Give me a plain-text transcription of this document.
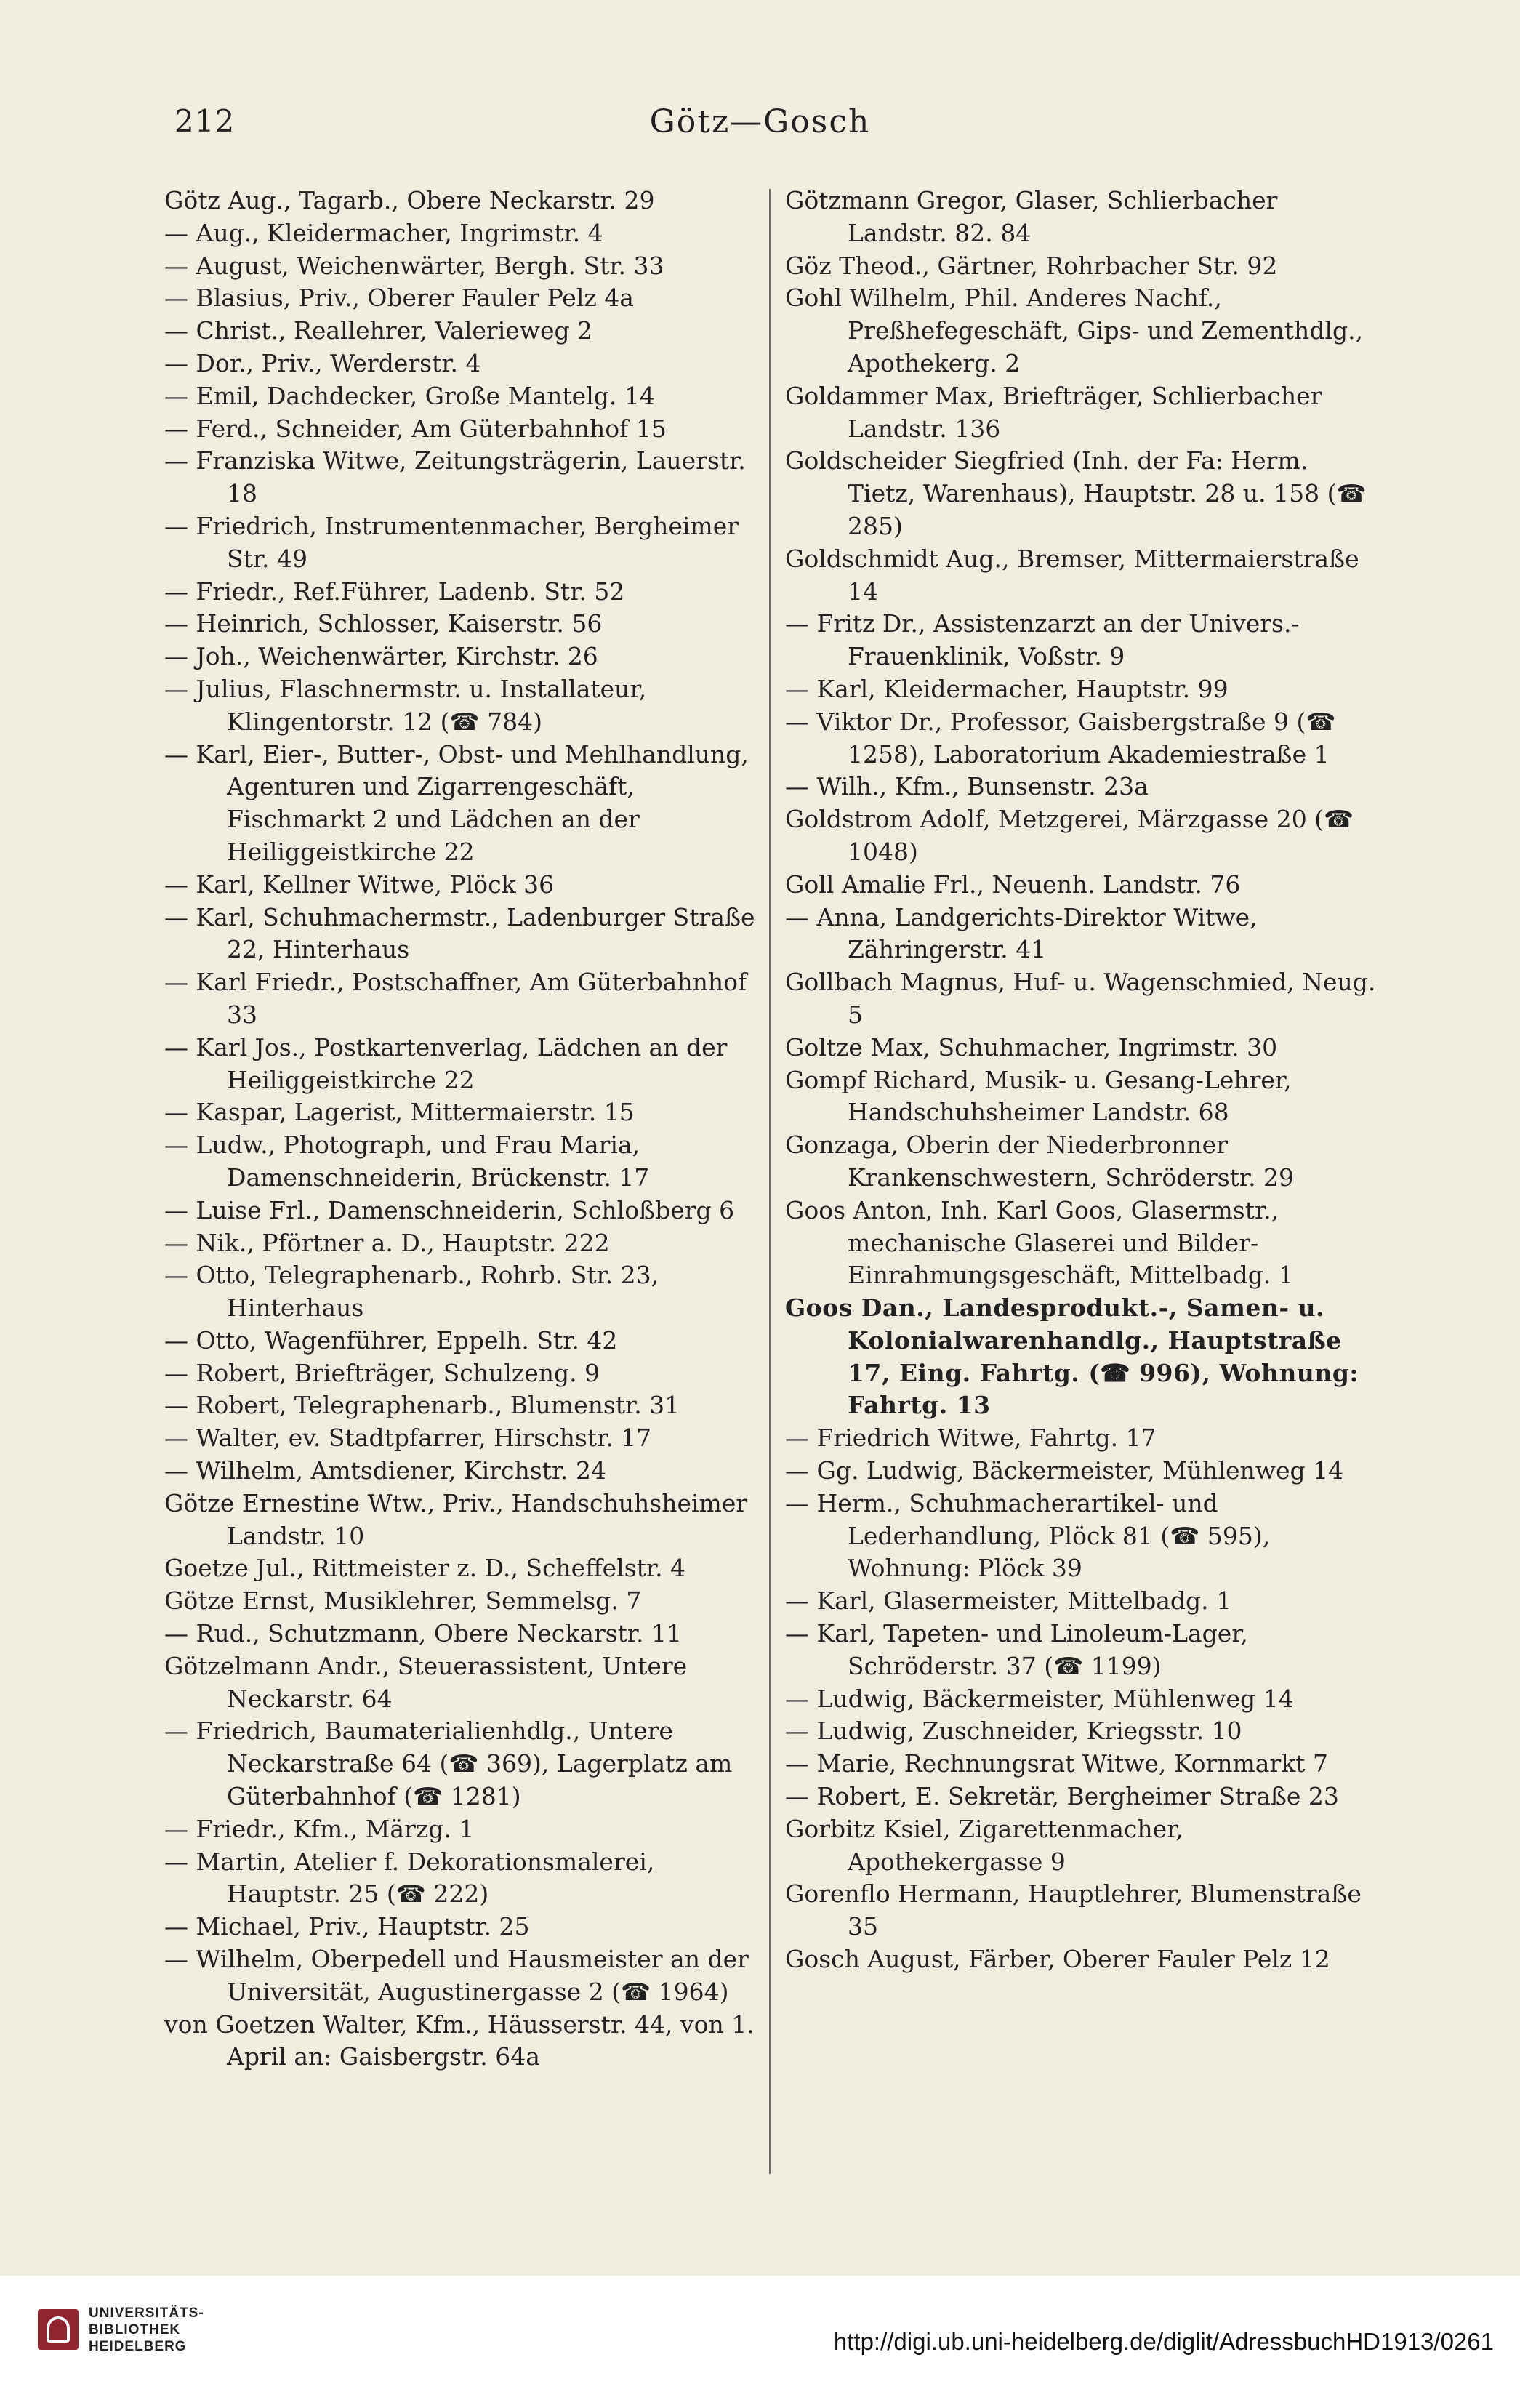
212	Götz—Gosch
Götz Aug., Tagarb., Obere Neckarstr. 29
— Aug., Kleidermacher, Ingrimstr. 4
— August, Weichenwärter, Bergh. Str. 33
— Blasius, Priv., Oberer Fauler Pelz 4a
— Christ., Reallehrer, Valerieweg 2
— Dor., Priv., Werderstr. 4
— Emil, Dachdecker, Große Mantelg. 14
— Ferd., Schneider, Am Güterbahnhof 15
— Franziska Witwe, Zeitungsträgerin, Lauerstr. 18
— Friedrich, Instrumentenmacher, Bergheimer Str. 49
— Friedr., Ref.Führer, Ladenb. Str. 52
— Heinrich, Schlosser, Kaiserstr. 56
— Joh., Weichenwärter, Kirchstr. 26
— Julius, Flaschnermstr. u. Installateur, Klingentorstr. 12 (☎ 784)
— Karl, Eier-, Butter-, Obst- und Mehlhandlung, Agenturen und Zigarrengeschäft, Fischmarkt 2 und Lädchen an der Heiliggeistkirche 22
— Karl, Kellner Witwe, Plöck 36
— Karl, Schuhmachermstr., Ladenburger Straße 22, Hinterhaus
— Karl Friedr., Postschaffner, Am Güterbahnhof 33
— Karl Jos., Postkartenverlag, Lädchen an der Heiliggeistkirche 22
— Kaspar, Lagerist, Mittermaierstr. 15
— Ludw., Photograph, und Frau Maria, Damenschneiderin, Brückenstr. 17
— Luise Frl., Damenschneiderin, Schloßberg 6
— Nik., Pförtner a. D., Hauptstr. 222
— Otto, Telegraphenarb., Rohrb. Str. 23, Hinterhaus
— Otto, Wagenführer, Eppelh. Str. 42
— Robert, Briefträger, Schulzeng. 9
— Robert, Telegraphenarb., Blumenstr. 31
— Walter, ev. Stadtpfarrer, Hirschstr. 17
— Wilhelm, Amtsdiener, Kirchstr. 24
Götze Ernestine Wtw., Priv., Handschuhsheimer Landstr. 10
Goetze Jul., Rittmeister z. D., Scheffelstr. 4
Götze Ernst, Musiklehrer, Semmelsg. 7
— Rud., Schutzmann, Obere Neckarstr. 11
Götzelmann Andr., Steuerassistent, Untere Neckarstr. 64
— Friedrich, Baumaterialienhdlg., Untere Neckarstraße 64 (☎ 369), Lagerplatz am Güterbahnhof (☎ 1281)
— Friedr., Kfm., Märzg. 1
— Martin, Atelier f. Dekorationsmalerei, Hauptstr. 25 (☎ 222)
— Michael, Priv., Hauptstr. 25
— Wilhelm, Oberpedell und Hausmeister an der Universität, Augustinergasse 2 (☎ 1964)
von Goetzen Walter, Kfm., Häusserstr. 44, von 1. April an: Gaisbergstr. 64a
Götzmann Gregor, Glaser, Schlierbacher Landstr. 82. 84
Göz Theod., Gärtner, Rohrbacher Str. 92
Gohl Wilhelm, Phil. Anderes Nachf., Preßhefegeschäft, Gips- und Zementhdlg., Apothekerg. 2
Goldammer Max, Briefträger, Schlierbacher Landstr. 136
Goldscheider Siegfried (Inh. der Fa: Herm. Tietz, Warenhaus), Hauptstr. 28 u. 158 (☎ 285)
Goldschmidt Aug., Bremser, Mittermaierstraße 14
— Fritz Dr., Assistenzarzt an der Univers.-Frauenklinik, Voßstr. 9
— Karl, Kleidermacher, Hauptstr. 99
— Viktor Dr., Professor, Gaisbergstraße 9 (☎ 1258), Laboratorium Akademiestraße 1
— Wilh., Kfm., Bunsenstr. 23a
Goldstrom Adolf, Metzgerei, Märzgasse 20 (☎ 1048)
Goll Amalie Frl., Neuenh. Landstr. 76
— Anna, Landgerichts-Direktor Witwe, Zähringerstr. 41
Gollbach Magnus, Huf- u. Wagenschmied, Neug. 5
Goltze Max, Schuhmacher, Ingrimstr. 30
Gompf Richard, Musik- u. Gesang-Lehrer, Handschuhsheimer Landstr. 68
Gonzaga, Oberin der Niederbronner Krankenschwestern, Schröderstr. 29
Goos Anton, Inh. Karl Goos, Glasermstr., mechanische Glaserei und Bilder-Einrahmungsgeschäft, Mittelbadg. 1
Goos Dan., Landesprodukt.-, Samen- u. Kolonialwarenhandlg., Hauptstraße 17, Eing. Fahrtg. (☎ 996), Wohnung: Fahrtg. 13
— Friedrich Witwe, Fahrtg. 17
— Gg. Ludwig, Bäckermeister, Mühlenweg 14
— Herm., Schuhmacherartikel- und Lederhandlung, Plöck 81 (☎ 595), Wohnung: Plöck 39
— Karl, Glasermeister, Mittelbadg. 1
— Karl, Tapeten- und Linoleum-Lager, Schröderstr. 37 (☎ 1199)
— Ludwig, Bäckermeister, Mühlenweg 14
— Ludwig, Zuschneider, Kriegsstr. 10
— Marie, Rechnungsrat Witwe, Kornmarkt 7
— Robert, E. Sekretär, Bergheimer Straße 23
Gorbitz Ksiel, Zigarettenmacher, Apothekergasse 9
Gorenflo Hermann, Hauptlehrer, Blumenstraße 35
Gosch August, Färber, Oberer Fauler Pelz 12
UNIVERSITÄTS-
BIBLIOTHEK
HEIDELBERG	http://digi.ub.uni-heidelberg.de/diglit/AdressbuchHD1913/0261
